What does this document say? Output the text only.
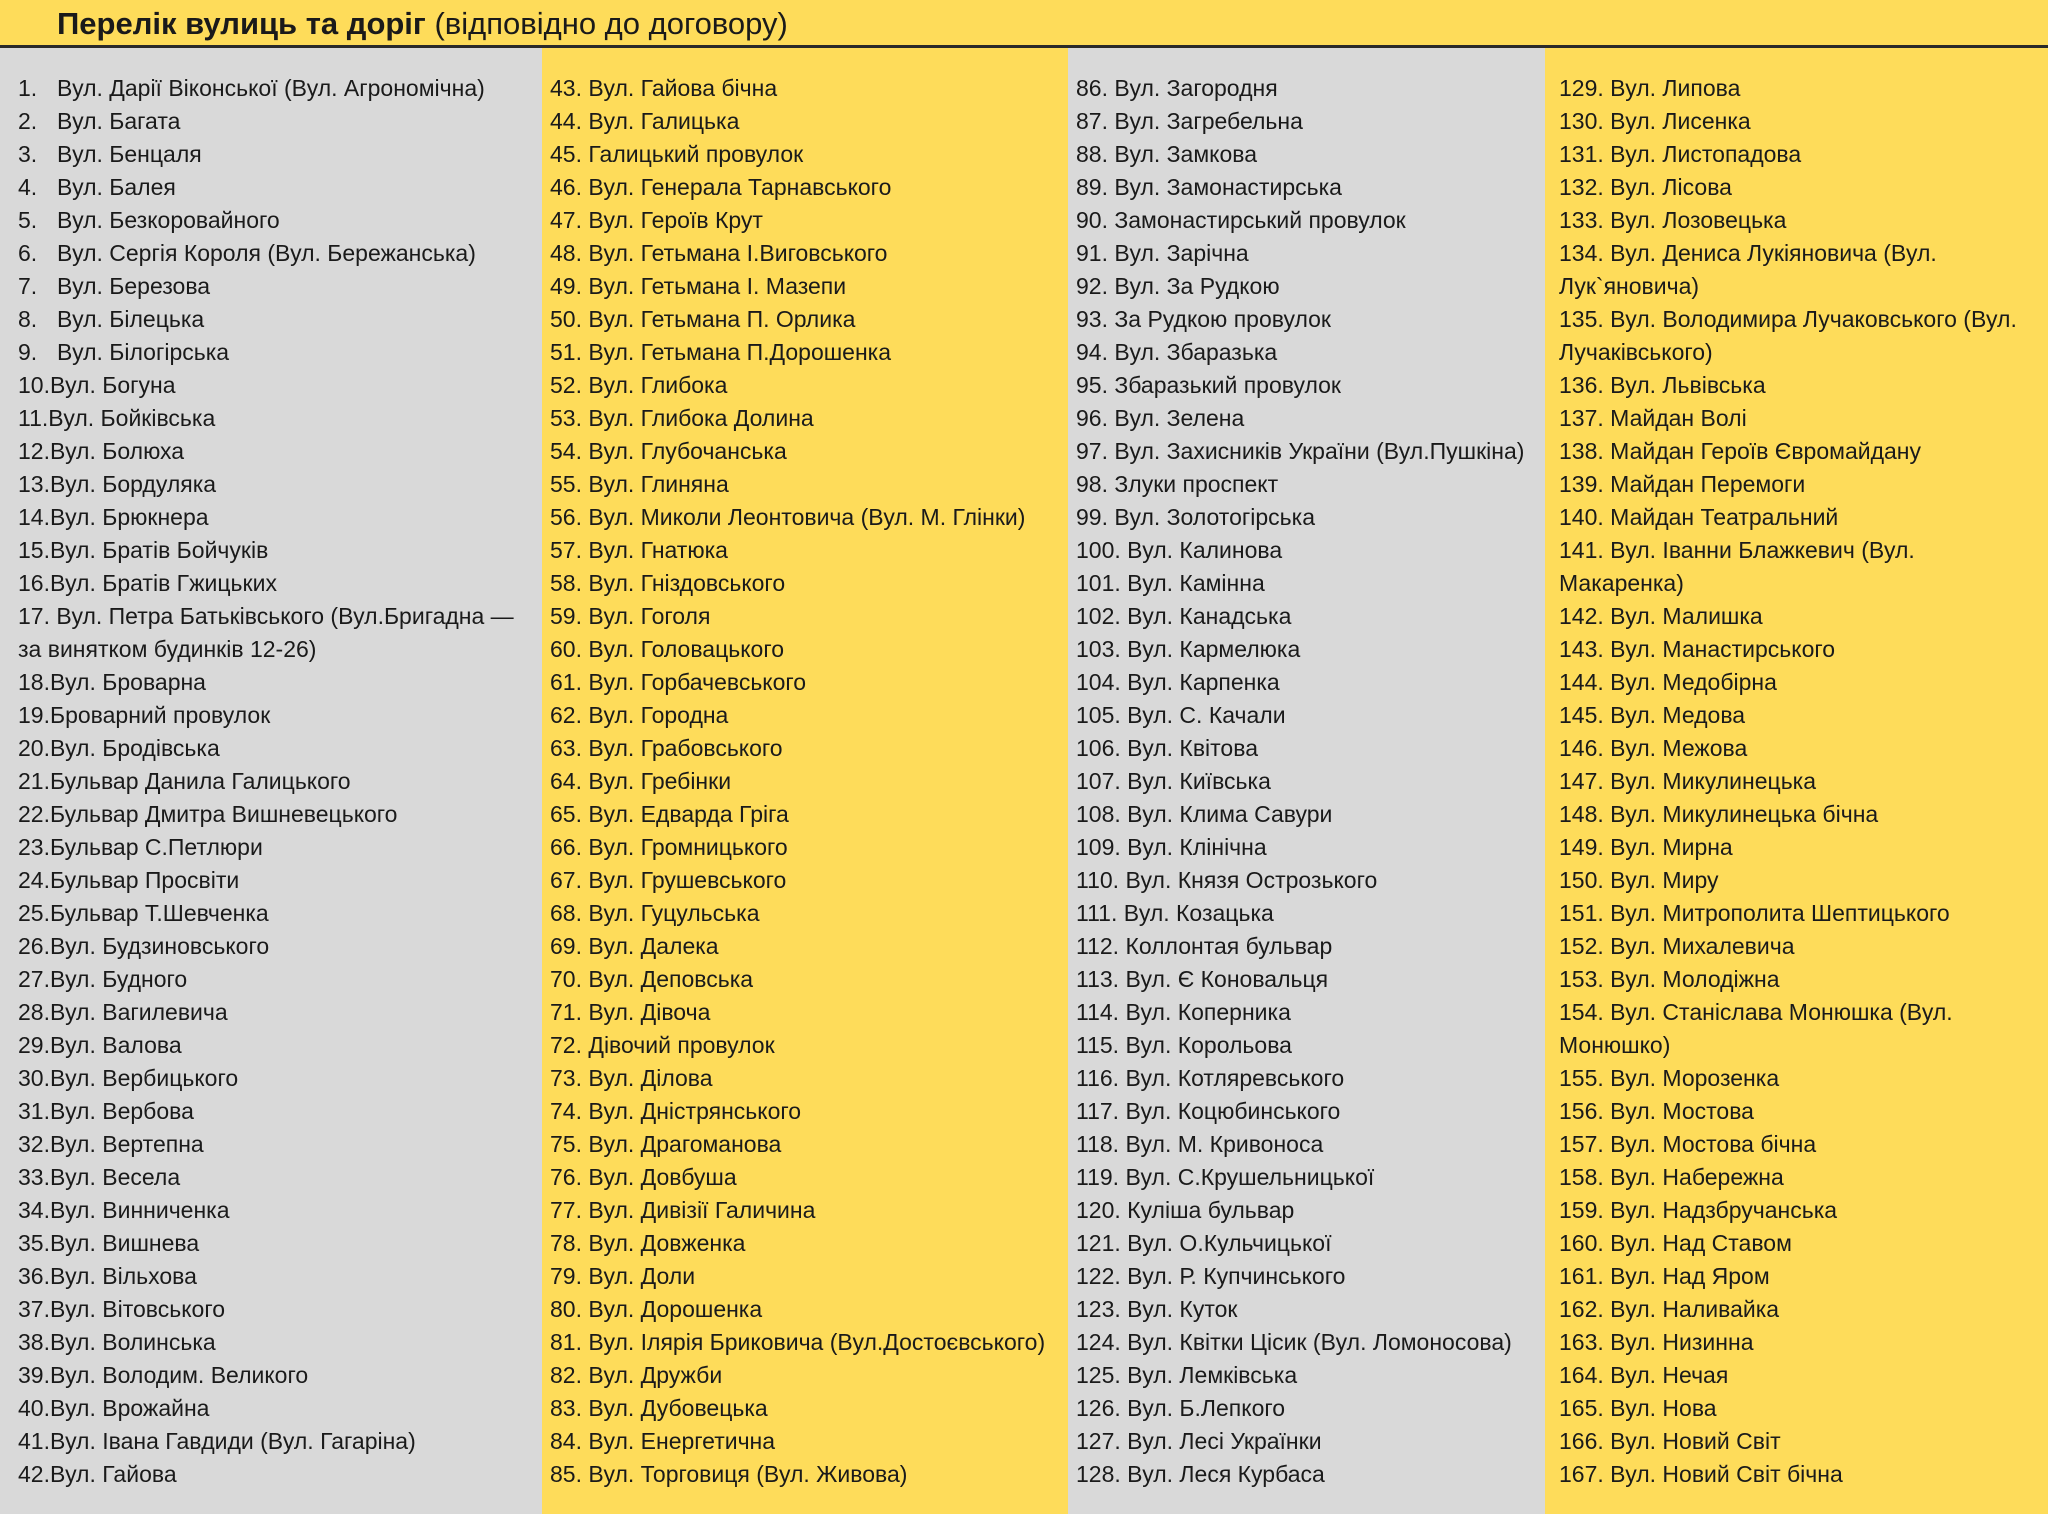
Перелік вулиць та доріг (відповідно до договору)
1. Вул. Дарії Віконської (Вул. Агрономічна)
2. Вул. Багата
3. Вул. Бенцаля
4. Вул. Балея
5. Вул. Безкоровайного
6. Вул. Сергія Короля (Вул. Бережанська)
7. Вул. Березова
8. Вул. Білецька
9. Вул. Білогірська
10. Вул. Богуна
11. Вул. Бойківська
12. Вул. Болюха
13. Вул. Бордуляка
14. Вул. Брюкнера
15. Вул. Братів Бойчуків
16. Вул. Братів Гжицьких
17. Вул. Петра Батьківського (Вул.Бригадна — за винятком будинків 12-26)
18. Вул. Броварна
19. Броварний провулок
20. Вул. Бродівська
21. Бульвар Данила Галицького
22. Бульвар Дмитра Вишневецького
23. Бульвар С.Петлюри
24. Бульвар Просвіти
25. Бульвар Т.Шевченка
26. Вул. Будзиновського
27. Вул. Будного
28. Вул. Вагилевича
29. Вул. Валова
30. Вул. Вербицького
31. Вул. Вербова
32. Вул. Вертепна
33. Вул. Весела
34. Вул. Винниченка
35. Вул. Вишнева
36. Вул. Вільхова
37. Вул. Вітовського
38. Вул. Волинська
39. Вул. Володим. Великого
40. Вул. Врожайна
41. Вул. Івана Гавдиди (Вул. Гагаріна)
42. Вул. Гайова
43. Вул. Гайова бічна
44. Вул. Галицька
45. Галицький провулок
46. Вул. Генерала Тарнавського
47. Вул. Героїв Крут
48. Вул. Гетьмана І.Виговського
49. Вул. Гетьмана І. Мазепи
50. Вул. Гетьмана П. Орлика
51. Вул. Гетьмана П.Дорошенка
52. Вул. Глибока
53. Вул. Глибока Долина
54. Вул. Глубочанська
55. Вул. Глиняна
56. Вул. Миколи Леонтовича (Вул. М. Глінки)
57. Вул. Гнатюка
58. Вул. Гніздовського
59. Вул. Гоголя
60. Вул. Головацького
61. Вул. Горбачевського
62. Вул. Городна
63. Вул. Грабовського
64. Вул. Гребінки
65. Вул. Едварда Гріга
66. Вул. Громницького
67. Вул. Грушевського
68. Вул. Гуцульська
69. Вул. Далека
70. Вул. Деповська
71. Вул. Дівоча
72. Дівочий провулок
73. Вул. Ділова
74. Вул. Дністрянського
75. Вул. Драгоманова
76. Вул. Довбуша
77. Вул. Дивізії Галичина
78. Вул. Довженка
79. Вул. Доли
80. Вул. Дорошенка
81. Вул. Ілярія Бриковича (Вул.Достоєвського)
82. Вул. Дружби
83. Вул. Дубовецька
84. Вул. Енергетична
85. Вул. Торговиця (Вул. Живова)
86. Вул. Загородня
87. Вул. Загребельна
88. Вул. Замкова
89. Вул. Замонастирська
90. Замонастирський провулок
91. Вул. Зарічна
92. Вул. За Рудкою
93. За Рудкою провулок
94. Вул. Збаразька
95. Збаразький провулок
96. Вул. Зелена
97. Вул. Захисників України (Вул.Пушкіна)
98. Злуки проспект
99. Вул. Золотогірська
100. Вул. Калинова
101. Вул. Камінна
102. Вул. Канадська
103. Вул. Кармелюка
104. Вул. Карпенка
105. Вул. С. Качали
106. Вул. Квітова
107. Вул. Київська
108. Вул. Клима Савури
109. Вул. Клінічна
110. Вул. Князя Острозького
111. Вул. Козацька
112. Коллонтая бульвар
113. Вул. Є Коновальця
114. Вул. Коперника
115. Вул. Корольова
116. Вул. Котляревського
117. Вул. Коцюбинського
118. Вул. М. Кривоноса
119. Вул. С.Крушельницької
120. Куліша бульвар
121. Вул. О.Кульчицької
122. Вул. Р. Купчинського
123. Вул. Куток
124. Вул. Квітки Цісик (Вул. Ломоносова)
125. Вул. Лемківська
126. Вул. Б.Лепкого
127. Вул. Лесі Українки
128. Вул. Леся Курбаса
129. Вул. Липова
130. Вул. Лисенка
131. Вул. Листопадова
132. Вул. Лісова
133. Вул. Лозовецька
134. Вул. Дениса Лукіяновича (Вул. Лук`яновича)
135. Вул. Володимира Лучаковського (Вул. Лучаківського)
136. Вул. Львівська
137. Майдан Волі
138. Майдан Героїв Євромайдану
139. Майдан Перемоги
140. Майдан Театральний
141. Вул. Іванни Блажкевич (Вул. Макаренка)
142. Вул. Малишка
143. Вул. Манастирського
144. Вул. Медобірна
145. Вул. Медова
146. Вул. Межова
147. Вул. Микулинецька
148. Вул. Микулинецька бічна
149. Вул. Мирна
150. Вул. Миру
151. Вул. Митрополита Шептицького
152. Вул. Михалевича
153. Вул. Молодіжна
154. Вул. Станіслава Монюшка (Вул. Монюшко)
155. Вул. Морозенка
156. Вул. Мостова
157. Вул. Мостова бічна
158. Вул. Набережна
159. Вул. Надзбручанська
160. Вул. Над Ставом
161. Вул. Над Яром
162. Вул. Наливайка
163. Вул. Низинна
164. Вул. Нечая
165. Вул. Нова
166. Вул. Новий Світ
167. Вул. Новий Світ бічна
